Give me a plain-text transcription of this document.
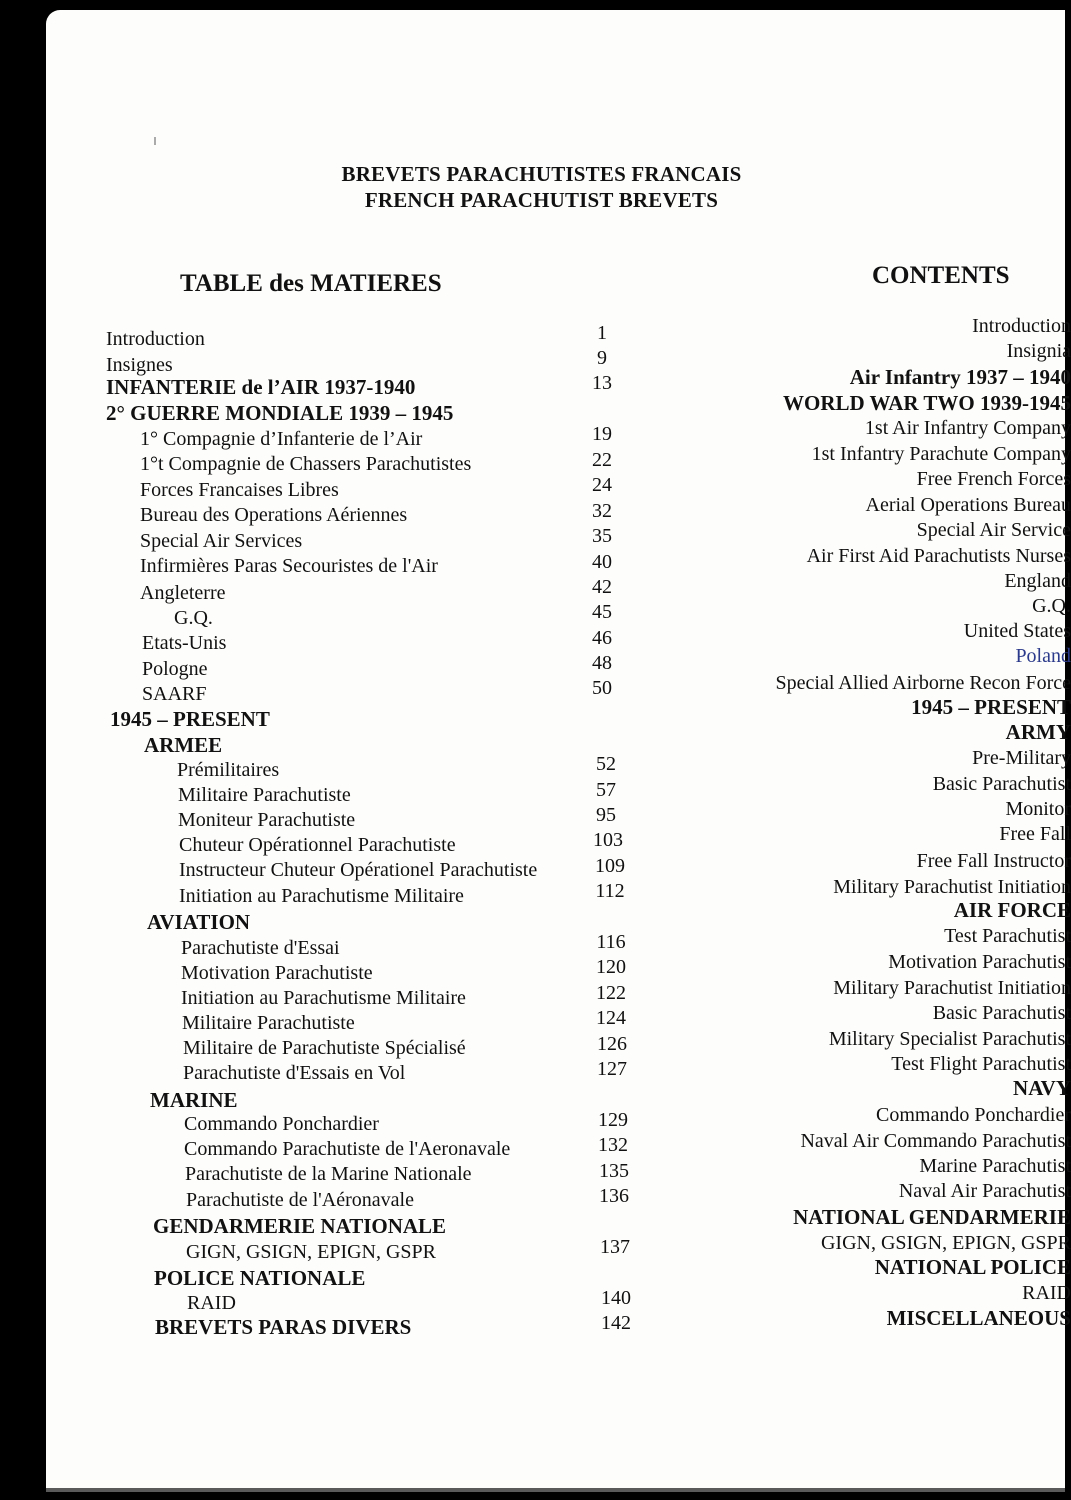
BREVETS PARACHUTISTES FRANCAIS
FRENCH PARACHUTIST BREVETS
TABLE des MATIERES	CONTENTS
Introduction	1
Insignes	9
INFANTERIE de l’AIR 1937-1940	13
2° GUERRE MONDIALE 1939 – 1945
1° Compagnie d’Infanterie de l’Air	19
1°t Compagnie de Chassers Parachutistes	22
Forces Francaises Libres	24
Bureau des Operations Aériennes	32
Special Air Services	35
Infirmières Paras Secouristes de l'Air	40
Angleterre	42
G.Q.	45
Etats-Unis	46
Pologne	48
SAARF	50
1945 – PRESENT
ARMEE
Prémilitaires	52
Militaire Parachutiste	57
Moniteur Parachutiste	95
Chuteur Opérationnel Parachutiste	103
Instructeur Chuteur Opérationel Parachutiste	109
Initiation au Parachutisme Militaire	112
AVIATION
Parachutiste d'Essai	116
Motivation Parachutiste	120
Initiation au Parachutisme Militaire	122
Militaire Parachutiste	124
Militaire de Parachutiste Spécialisé	126
Parachutiste d'Essais en Vol	127
MARINE
Commando Ponchardier	129
Commando Parachutiste de l'Aeronavale	132
Parachutiste de la Marine Nationale	135
Parachutiste de l'Aéronavale	136
GENDARMERIE NATIONALE
GIGN, GSIGN, EPIGN, GSPR	137
POLICE NATIONALE
RAID	140
BREVETS PARAS DIVERS	142
Introduction
Insignia
Air Infantry 1937 – 1940
WORLD WAR TWO 1939-1945
1st Air Infantry Company
1st Infantry Parachute Company
Free French Forces
Aerial Operations Bureau
Special Air Service
Air First Aid Parachutists Nurses
England
G.Q.
United States
Poland
Special Allied Airborne Recon Force
1945 – PRESENT
ARMY
Pre-Military
Basic Parachutist
Monitor
Free Fall
Free Fall Instructor
Military Parachutist Initiation
AIR FORCE
Test Parachutist
Motivation Parachutist
Military Parachutist Initiation
Basic Parachutist
Military Specialist Parachutist
Test Flight Parachutist
NAVY
Commando Ponchardier
Naval Air Commando Parachutist
Marine Parachutist
Naval Air Parachutist
NATIONAL GENDARMERIE
GIGN, GSIGN, EPIGN, GSPR
NATIONAL POLICE
RAID
MISCELLANEOUS
